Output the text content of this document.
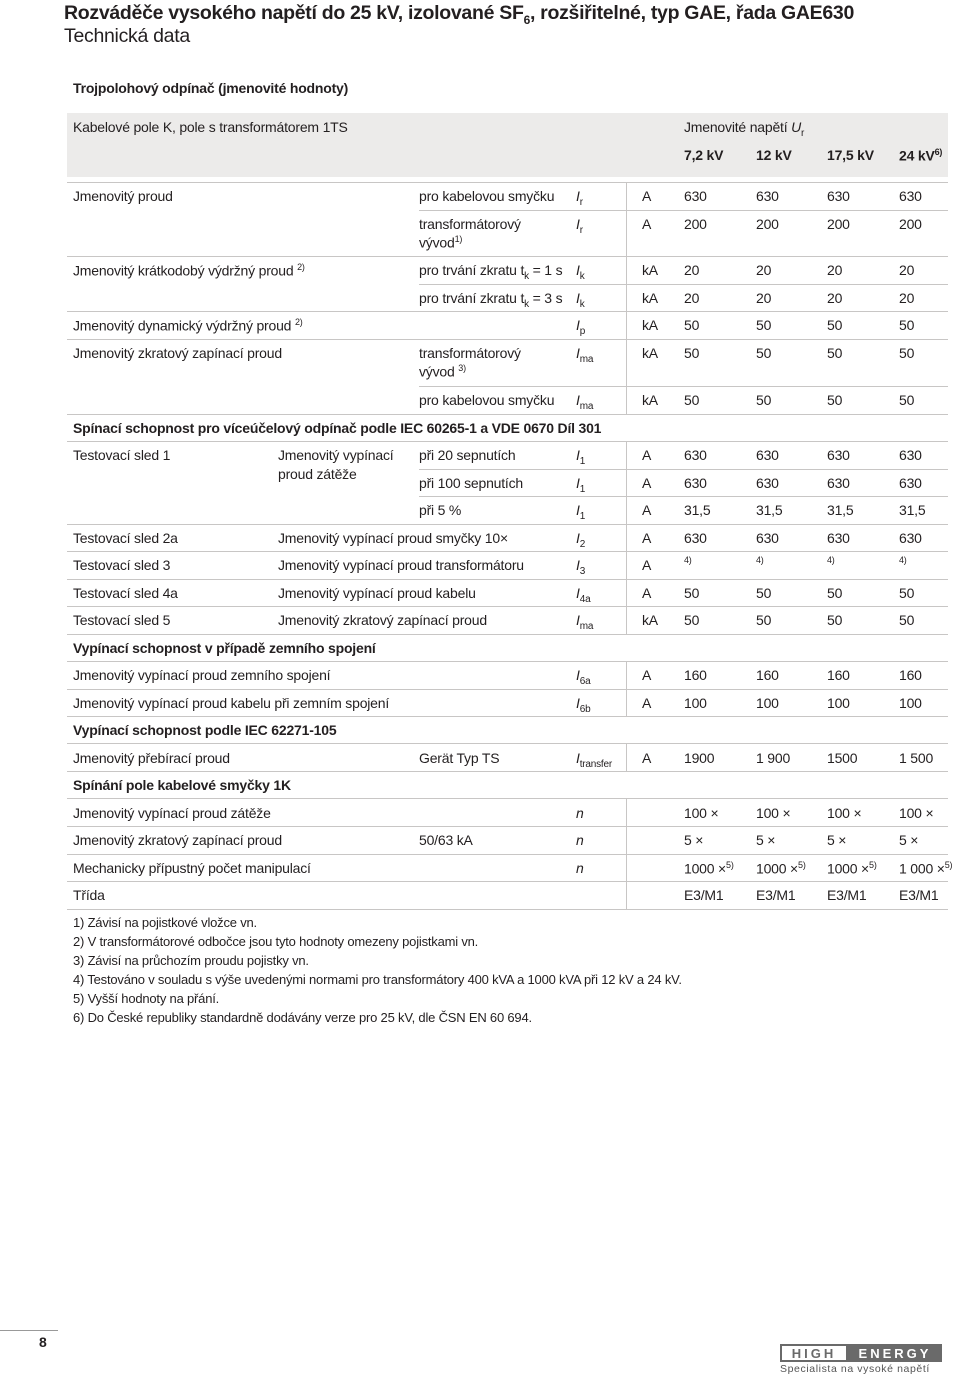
Rozváděče vysokého napětí do 25 kV, izolované $SF_6$, rozšiřitelné, typ GAE, řada GAE630
Technická data
Trojpolohový odpínač (jmenovité hodnoty)
Kabelové pole K, pole s transformátorem 1TS	Jmenovité napětí $U_r$
7,2 kV 12 kV	17,5 kV 24 $kV^{6)}$
Jmenovitý proud	pro kabelovou smyčku $I_r$	A 630	630	630	630
transformátorový
vývod$^{1)}$
$I_r$	A 200	200	200	200
Jmenovitý krátkodobý výdržný proud $^{2)}$	pro trvání zkratu $t_k = 1$ s $I_k$	kA 20	20	20	20
pro trvání zkratu $t_k = 3$ s $I_k$	kA 20	20	20	20
Jmenovitý dynamický výdržný proud $^{2)}$	$I_p$	kA 50	50	50	50
Jmenovitý zkratový zapínací proud	transformátorový
vývod $^{3)}$
$I_{ma}$	kA 50	50	50	50
pro kabelovou smyčku $I_{ma}$	kA 50	50	50	50
Spínací schopnost pro víceúčelový odpínač podle IEC 60265-1 a VDE 0670 Díl 301
Testovací sled 1	Jmenovitý vypínací
proud zátěže
při 20 sepnutích	$I_1$	A 630	630	630	630
při 100 sepnutích	$I_1$	A 630	630	630	630
při 5 %	$I_1$	A 31,5	31,5	31,5	31,5
Testovací sled 2a	Jmenovitý vypínací proud smyčky 10×	$I_2$	A 630	630	630	630
Testovací sled 3	Jmenovitý vypínací proud transformátoru	$I_3$	A	4)	4)	4)	4)
Testovací sled 4a	Jmenovitý vypínací proud kabelu	$I_{4a}$	A 50	50	50	50
Testovací sled 5	Jmenovitý zkratový zapínací proud	$I_{ma}$	kA 50	50	50	50
Vypínací schopnost v případě zemního spojení
Jmenovitý vypínací proud zemního spojení	$I_{6a}$	A 160	160	160	160
Jmenovitý vypínací proud kabelu při zemním spojení	$I_{6b}$	A 100	100	100	100
Vypínací schopnost podle IEC 62271-105
Jmenovitý přebírací proud	Gerät Typ TS	$I_{transfer}$ A 1900	1 900	1500	1 500
Spínání pole kabelové smyčky 1K
Jmenovitý vypínací proud zátěže	n	100 ×	100 ×	100 ×	100 ×
Jmenovitý zkratový zapínací proud	50/63 kA	n	5 ×	5 ×	5 ×	5 ×
Mechanicky přípustný počet manipulací	n	1000 ×$^{5)}$	1000 ×$^{5)}$	1000 ×$^{5)}$	1 000 ×$^{5)}$
Třída	E3/M1	E3/M1	E3/M1	E3/M1
1) Závisí na pojistkové vložce vn.
2) V transformátorové odbočce jsou tyto hodnoty omezeny pojistkami vn.
3) Závisí na průchozím proudu pojistky vn.
4) Testováno v souladu s výše uvedenými normami pro transformátory 400 kVA a 1000 kVA při 12 kV a 24 kV.
5) Vyšší hodnoty na přání.
6) Do České republiky standardně dodávány verze pro 25 kV, dle ČSN EN 60 694.
8
HIGH	ENERGY
Specialista na vysoké napětí
